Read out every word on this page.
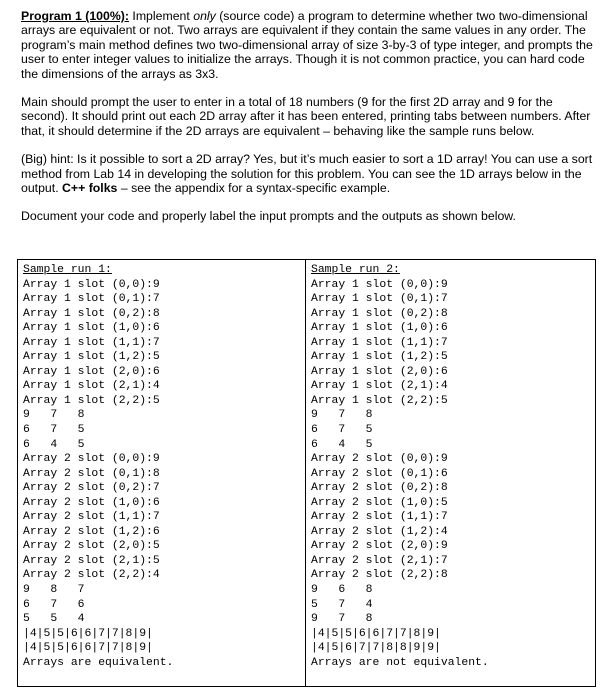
Program 1 (100%): Implement only (source code) a program to determine whether two two-dimensional arrays are equivalent or not. Two arrays are equivalent if they contain the same values in any order. The program’s main method defines two two-dimensional array of size 3-by-3 of type integer, and prompts the user to enter integer values to initialize the arrays. Though it is not common practice, you can hard code the dimensions of the arrays as 3x3.

Main should prompt the user to enter in a total of 18 numbers (9 for the first 2D array and 9 for the second). It should print out each 2D array after it has been entered, printing tabs between numbers. After that, it should determine if the 2D arrays are equivalent – behaving like the sample runs below.

(Big) hint: Is it possible to sort a 2D array? Yes, but it’s much easier to sort a 1D array! You can use a sort method from Lab 14 in developing the solution for this problem. You can see the 1D arrays below in the output. C++ folks – see the appendix for a syntax-specific example.

Document your code and properly label the input prompts and the outputs as shown below.

Sample run 1:
Array 1 slot (0,0):9
Array 1 slot (0,1):7
Array 1 slot (0,2):8
Array 1 slot (1,0):6
Array 1 slot (1,1):7
Array 1 slot (1,2):5
Array 1 slot (2,0):6
Array 1 slot (2,1):4
Array 1 slot (2,2):5
9   7   8
6   7   5
6   4   5
Array 2 slot (0,0):9
Array 2 slot (0,1):8
Array 2 slot (0,2):7
Array 2 slot (1,0):6
Array 2 slot (1,1):7
Array 2 slot (1,2):6
Array 2 slot (2,0):5
Array 2 slot (2,1):5
Array 2 slot (2,2):4
9   8   7
6   7   6
5   5   4
|4|5|5|6|6|7|7|8|9|
|4|5|5|6|6|7|7|8|9|
Arrays are equivalent.

Sample run 2:
Array 1 slot (0,0):9
Array 1 slot (0,1):7
Array 1 slot (0,2):8
Array 1 slot (1,0):6
Array 1 slot (1,1):7
Array 1 slot (1,2):5
Array 1 slot (2,0):6
Array 1 slot (2,1):4
Array 1 slot (2,2):5
9   7   8
6   7   5
6   4   5
Array 2 slot (0,0):9
Array 2 slot (0,1):6
Array 2 slot (0,2):8
Array 2 slot (1,0):5
Array 2 slot (1,1):7
Array 2 slot (1,2):4
Array 2 slot (2,0):9
Array 2 slot (2,1):7
Array 2 slot (2,2):8
9   6   8
5   7   4
9   7   8
|4|5|5|6|6|7|7|8|9|
|4|5|6|7|7|8|8|9|9|
Arrays are not equivalent.
